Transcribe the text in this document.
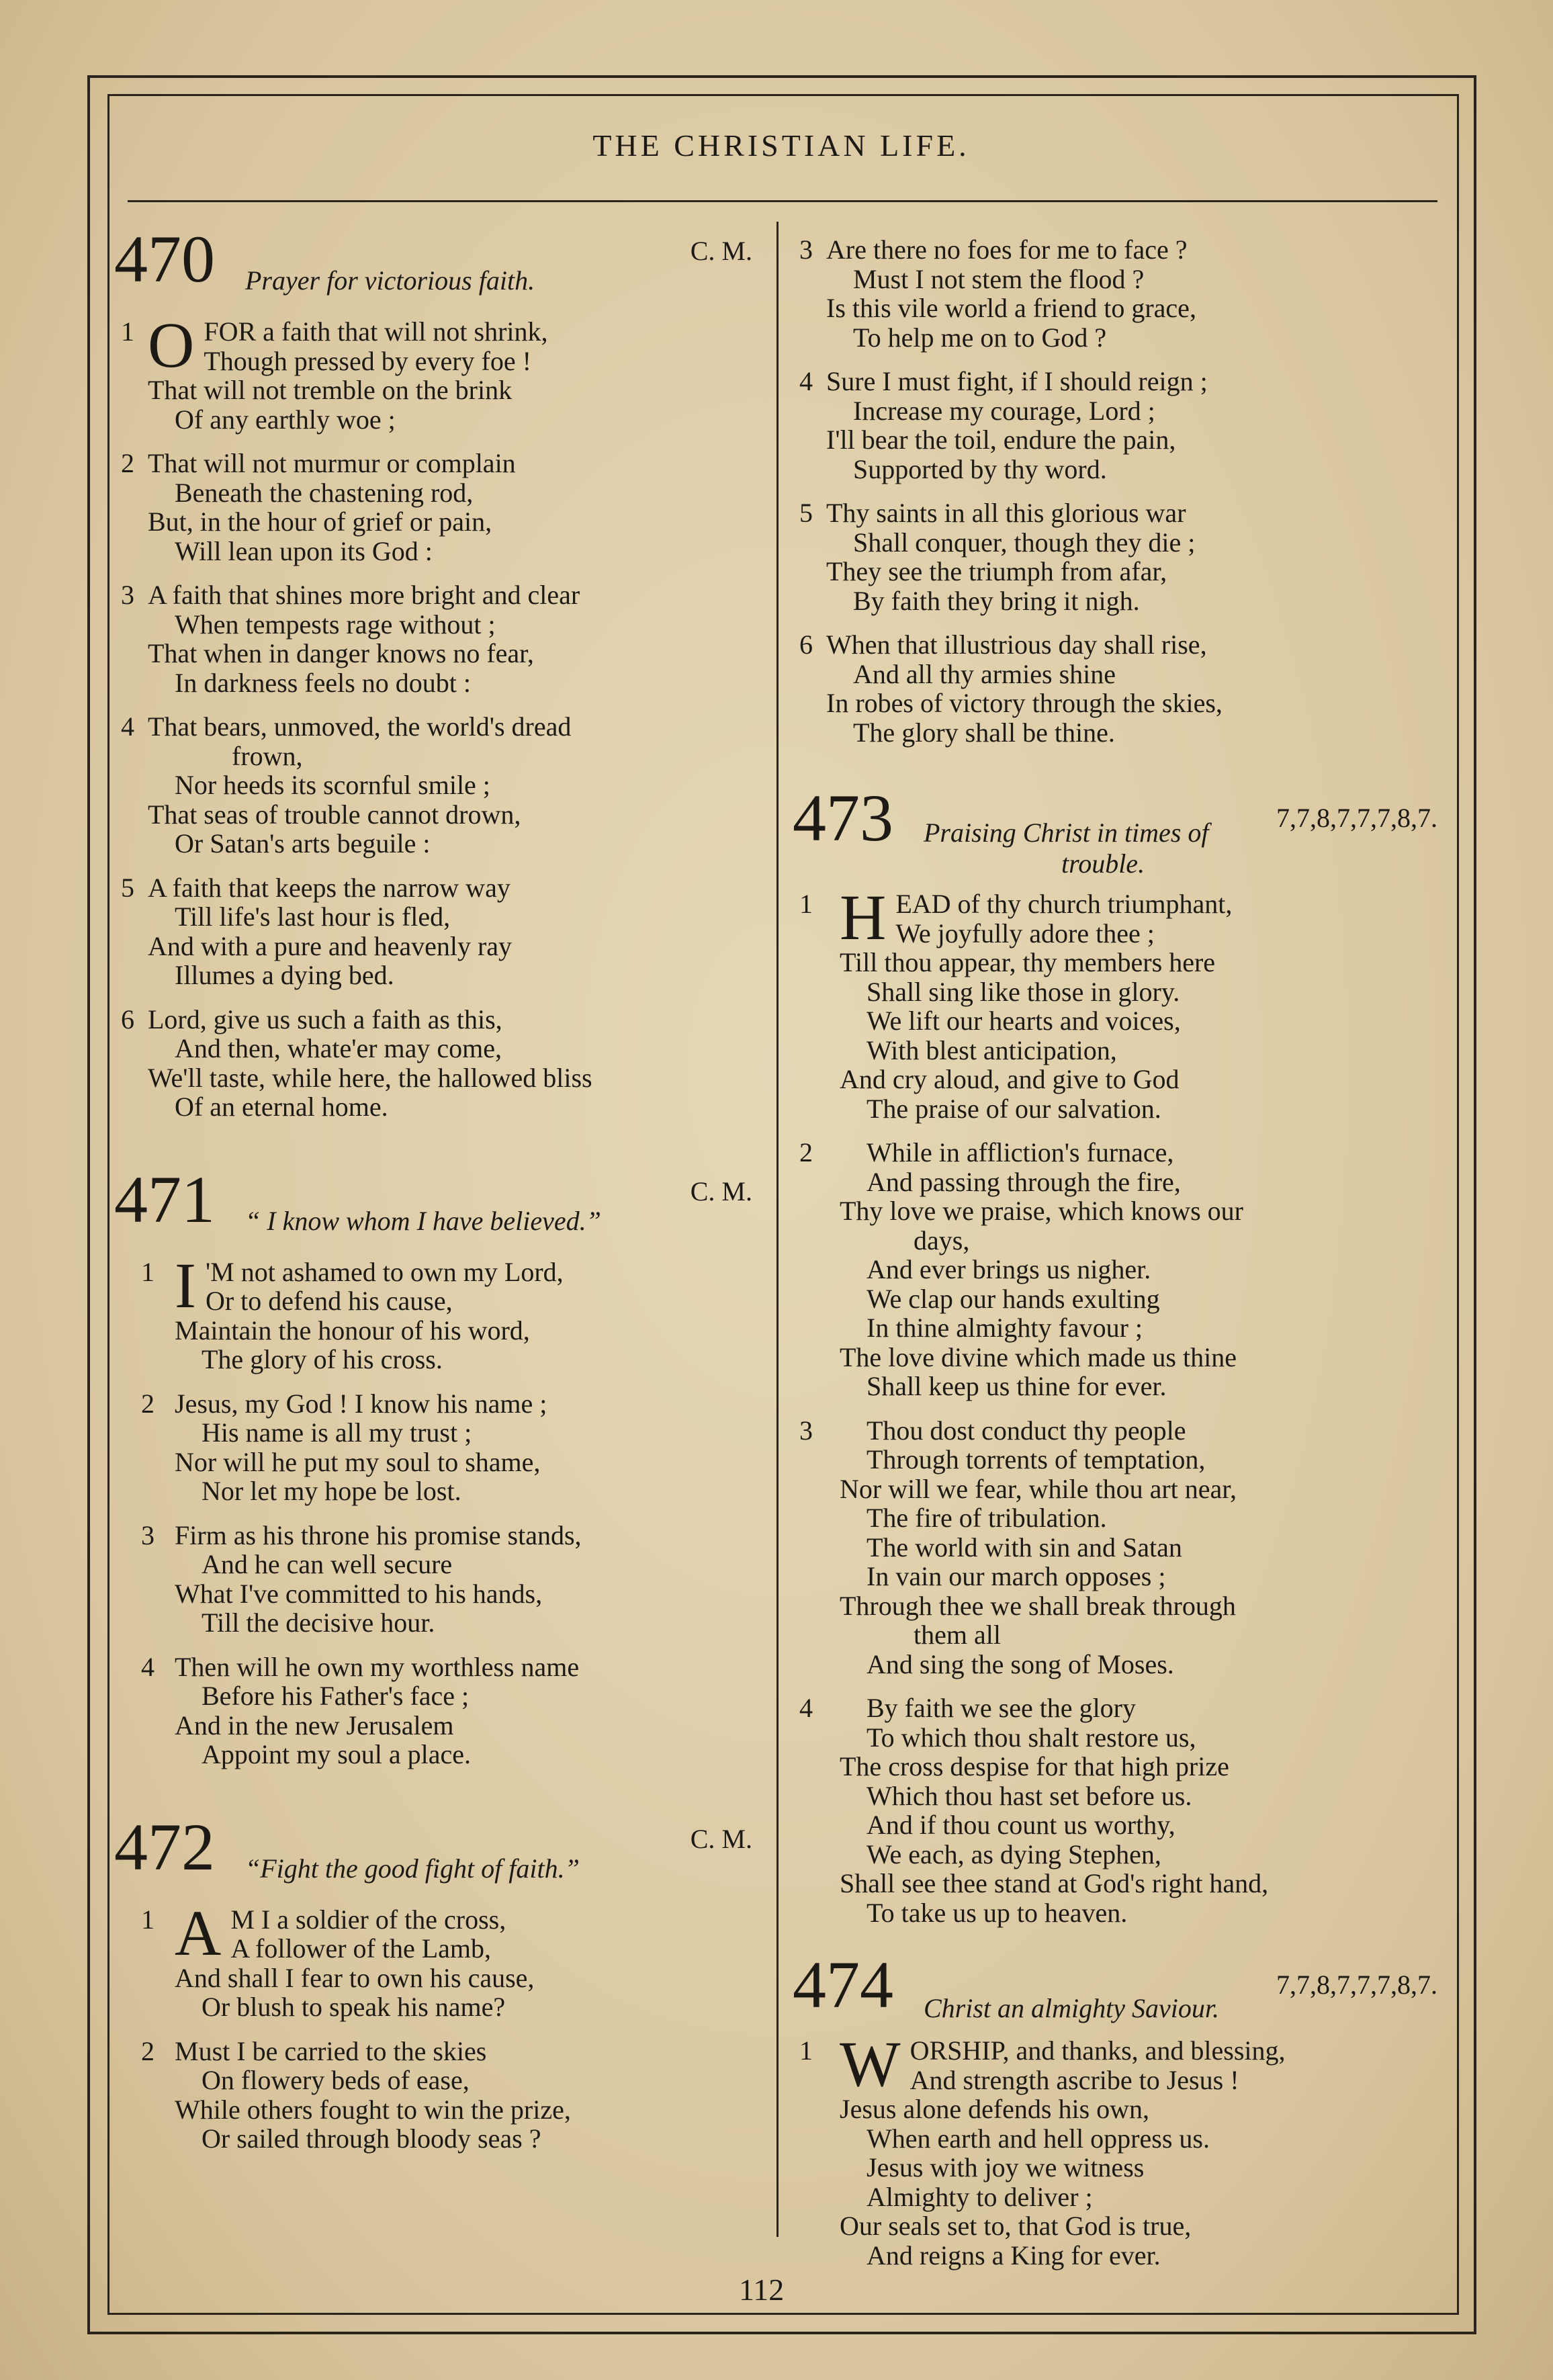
THE CHRISTIAN LIFE.
470	C. M.
Prayer for victorious faith.
1 O FOR a faith that will not shrink,
Though pressed by every foe !
That will not tremble on the brink
Of any earthly woe ;
2 That will not murmur or complain
Beneath the chastening rod,
But, in the hour of grief or pain,
Will lean upon its God :
3 A faith that shines more bright and clear
When tempests rage without ;
That when in danger knows no fear,
In darkness feels no doubt :
4 That bears, unmoved, the world's dread
frown,
Nor heeds its scornful smile ;
That seas of trouble cannot drown,
Or Satan's arts beguile :
5 A faith that keeps the narrow way
Till life's last hour is fled,
And with a pure and heavenly ray
Illumes a dying bed.
6 Lord, give us such a faith as this,
And then, whate'er may come,
We'll taste, while here, the hallowed bliss
Of an eternal home.
471	C. M.
“ I know whom I have believed.”
1 I 'M not ashamed to own my Lord,
Or to defend his cause,
Maintain the honour of his word,
The glory of his cross.
2 Jesus, my God ! I know his name ;
His name is all my trust ;
Nor will he put my soul to shame,
Nor let my hope be lost.
3 Firm as his throne his promise stands,
And he can well secure
What I've committed to his hands,
Till the decisive hour.
4 Then will he own my worthless name
Before his Father's face ;
And in the new Jerusalem
Appoint my soul a place.
472	C. M.
“Fight the good fight of faith.”
1 A M I a soldier of the cross,
A follower of the Lamb,
And shall I fear to own his cause,
Or blush to speak his name?
2 Must I be carried to the skies
On flowery beds of ease,
While others fought to win the prize,
Or sailed through bloody seas ?
3 Are there no foes for me to face ?
Must I not stem the flood ?
Is this vile world a friend to grace,
To help me on to God ?
4 Sure I must fight, if I should reign ;
Increase my courage, Lord ;
I'll bear the toil, endure the pain,
Supported by thy word.
5 Thy saints in all this glorious war
Shall conquer, though they die ;
They see the triumph from afar,
By faith they bring it nigh.
6 When that illustrious day shall rise,
And all thy armies shine
In robes of victory through the skies,
The glory shall be thine.
473	7,7,8,7,7,7,8,7.
Praising Christ in times of
trouble.
1 H EAD of thy church triumphant,
We joyfully adore thee ;
Till thou appear, thy members here
Shall sing like those in glory.
We lift our hearts and voices,
With blest anticipation,
And cry aloud, and give to God
The praise of our salvation.
2	While in affliction's furnace,
And passing through the fire,
Thy love we praise, which knows our
days,
And ever brings us nigher.
We clap our hands exulting
In thine almighty favour ;
The love divine which made us thine
Shall keep us thine for ever.
3	Thou dost conduct thy people
Through torrents of temptation,
Nor will we fear, while thou art near,
The fire of tribulation.
The world with sin and Satan
In vain our march opposes ;
Through thee we shall break through
them all
And sing the song of Moses.
4	By faith we see the glory
To which thou shalt restore us,
The cross despise for that high prize
Which thou hast set before us.
And if thou count us worthy,
We each, as dying Stephen,
Shall see thee stand at God's right hand,
To take us up to heaven.
474	7,7,8,7,7,7,8,7.
Christ an almighty Saviour.
1 W ORSHIP, and thanks, and blessing,
And strength ascribe to Jesus !
Jesus alone defends his own,
When earth and hell oppress us.
Jesus with joy we witness
Almighty to deliver ;
Our seals set to, that God is true,
And reigns a King for ever.
112
